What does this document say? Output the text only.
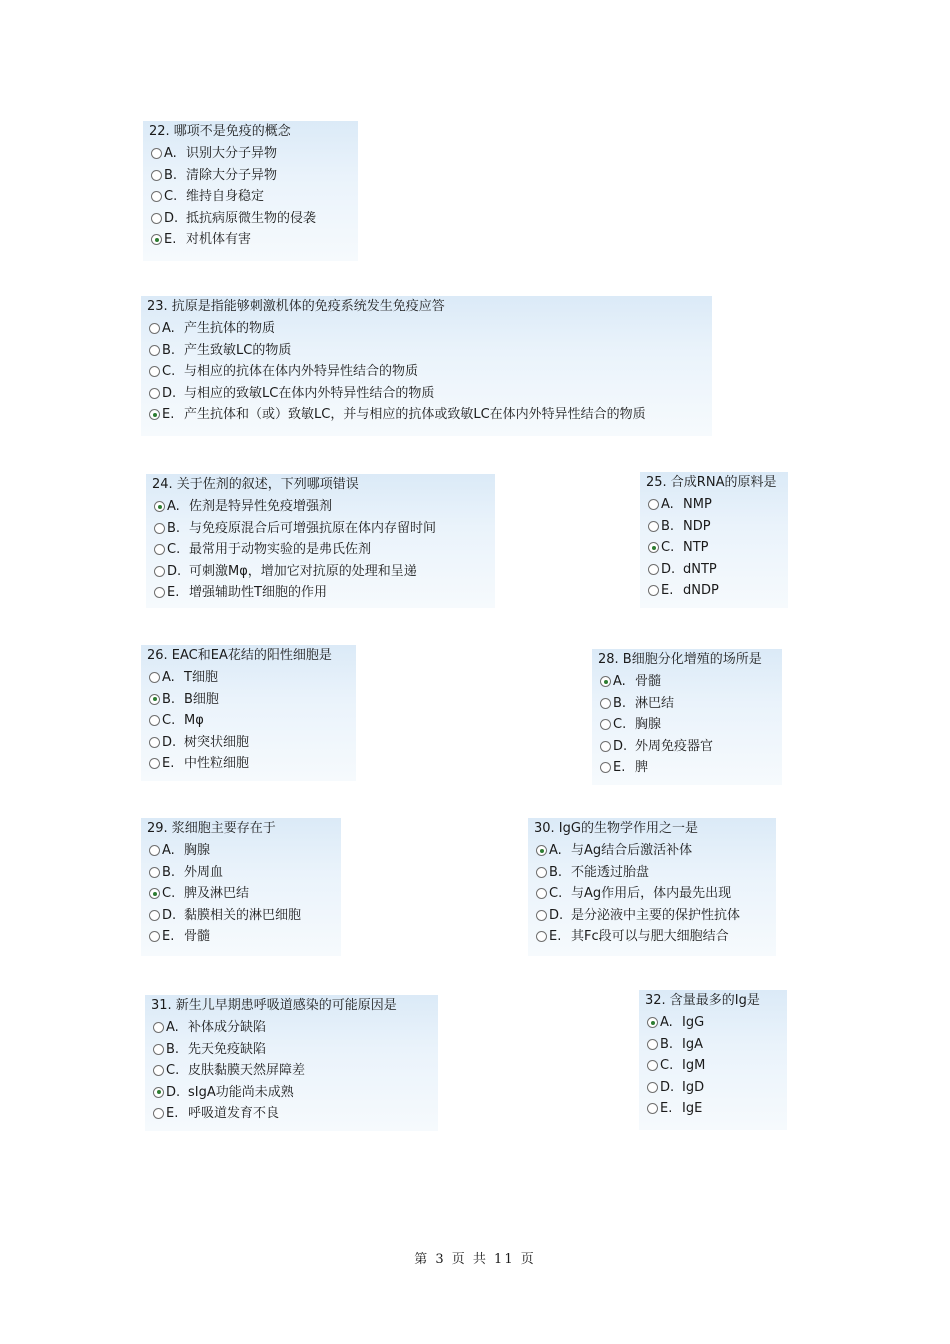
22. 哪项不是免疫的概念
A. 识别大分子异物
B. 清除大分子异物
C. 维持自身稳定
D. 抵抗病原微生物的侵袭
E. 对机体有害
23. 抗原是指能够刺激机体的免疫系统发生免疫应答
A. 产生抗体的物质
B. 产生致敏LC的物质
C. 与相应的抗体在体内外特异性结合的物质
D. 与相应的致敏LC在体内外特异性结合的物质
E. 产生抗体和（或）致敏LC，并与相应的抗体或致敏LC在体内外特异性结合的物质
24. 关于佐剂的叙述，下列哪项错误
A. 佐剂是特异性免疫增强剂
B. 与免疫原混合后可增强抗原在体内存留时间
C. 最常用于动物实验的是弗氏佐剂
D. 可刺激Mφ，增加它对抗原的处理和呈递
E. 增强辅助性T细胞的作用
25. 合成RNA的原料是
A. NMP
B. NDP
C. NTP
D. dNTP
E. dNDP
26. EAC和EA花结的阳性细胞是
A. T细胞
B. B细胞
C. Mφ
D. 树突状细胞
E. 中性粒细胞
28. B细胞分化增殖的场所是
A. 骨髓
B. 淋巴结
C. 胸腺
D. 外周免疫器官
E. 脾
29. 浆细胞主要存在于
A. 胸腺
B. 外周血
C. 脾及淋巴结
D. 黏膜相关的淋巴细胞
E. 骨髓
30. IgG的生物学作用之一是
A. 与Ag结合后激活补体
B. 不能透过胎盘
C. 与Ag作用后，体内最先出现
D. 是分泌液中主要的保护性抗体
E. 其Fc段可以与肥大细胞结合
31. 新生儿早期患呼吸道感染的可能原因是
A. 补体成分缺陷
B. 先天免疫缺陷
C. 皮肤黏膜天然屏障差
D. sIgA功能尚未成熟
E. 呼吸道发育不良
32. 含量最多的Ig是
A. IgG
B. IgA
C. IgM
D. IgD
E. IgE
第 3 页 共 11 页
